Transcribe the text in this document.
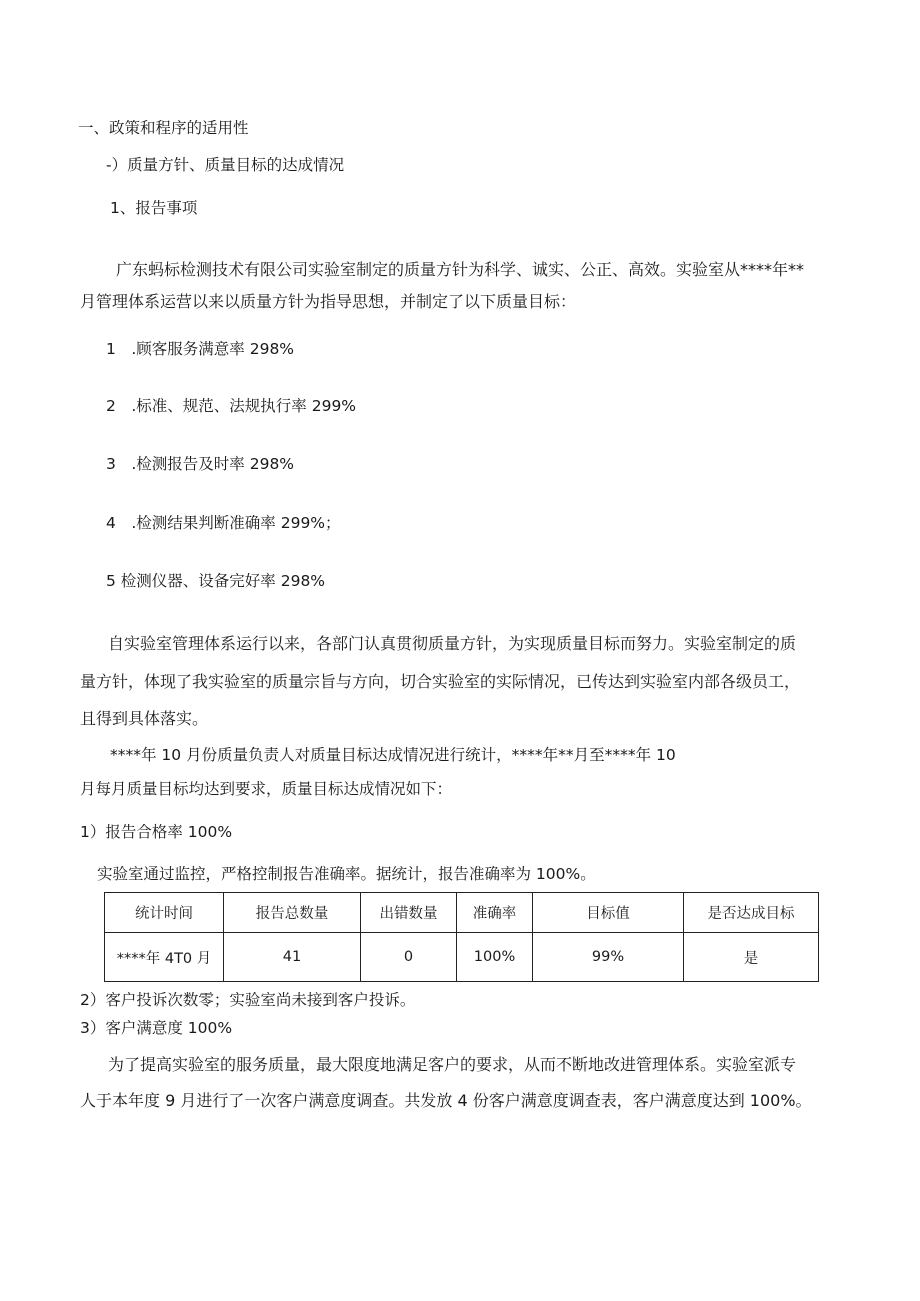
一、政策和程序的适用性
-）质量方针、质量目标的达成情况
1、报告事项
广东蚂标检测技术有限公司实验室制定的质量方针为科学、诚实、公正、高效。实验室从****年**
月管理体系运营以来以质量方针为指导思想，并制定了以下质量目标：
1　.顾客服务满意率 298%
2　.标准、规范、法规执行率 299%
3　.检测报告及时率 298%
4　.检测结果判断准确率 299%；
5 检测仪器、设备完好率 298%
自实验室管理体系运行以来，各部门认真贯彻质量方针，为实现质量目标而努力。实验室制定的质
量方针，体现了我实验室的质量宗旨与方向，切合实验室的实际情况，已传达到实验室内部各级员工，
且得到具体落实。
****年 10 月份质量负责人对质量目标达成情况进行统计，****年**月至****年 10
月每月质量目标均达到要求，质量目标达成情况如下：
1）报告合格率 100%
实验室通过监控，严格控制报告准确率。据统计，报告准确率为 100%。
统计时间	报告总数量	出错数量	准确率	目标值	是否达成目标
****年 4T0 月	41	0	100%	99%	是
2）客户投诉次数零；实验室尚未接到客户投诉。
3）客户满意度 100%
为了提高实验室的服务质量，最大限度地满足客户的要求，从而不断地改进管理体系。实验室派专
人于本年度 9 月进行了一次客户满意度调查。共发放 4 份客户满意度调查表，客户满意度达到 100%。
